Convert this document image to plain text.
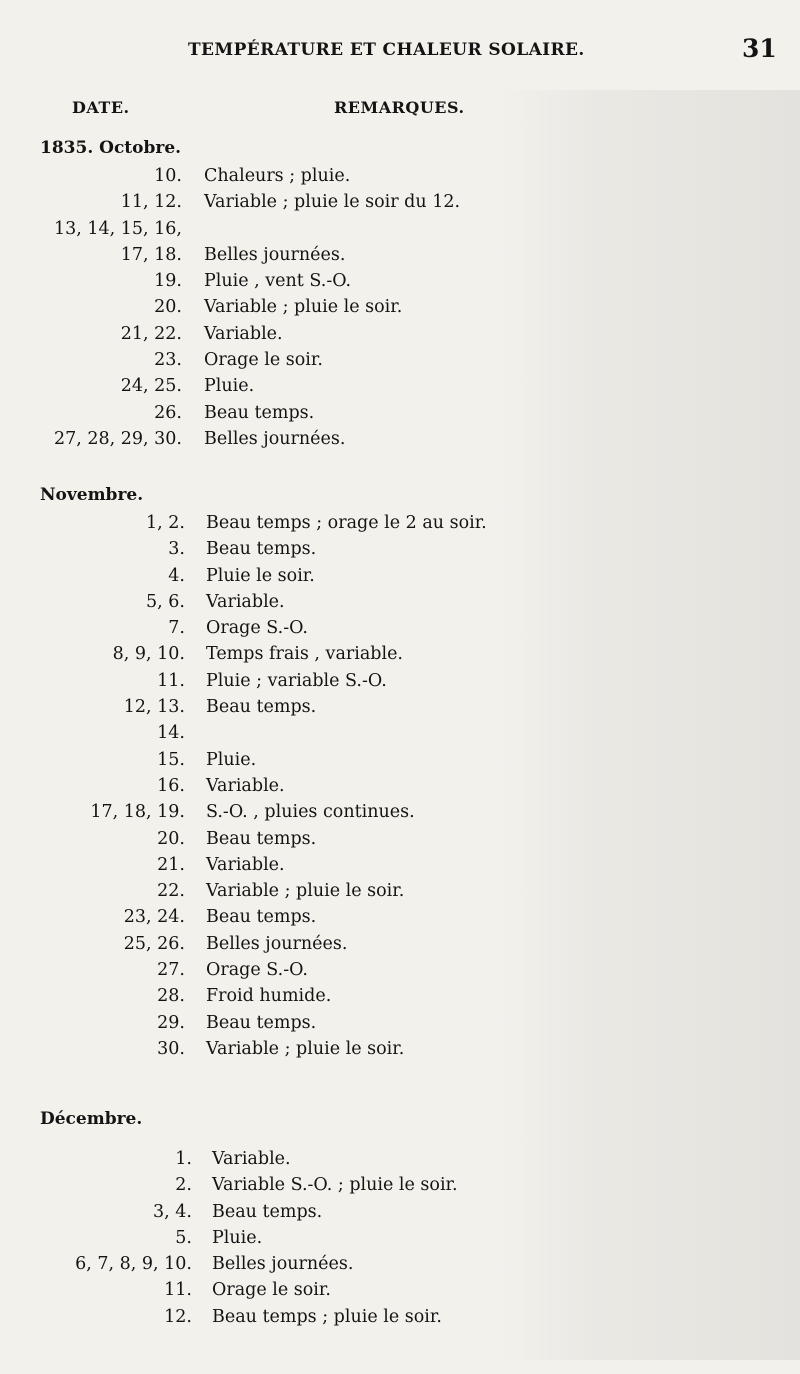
TEMPÉRATURE ET CHALEUR SOLAIRE.	31
DATE.	REMARQUES.
1835. Octobre.
10. Chaleurs ; pluie.
11, 12. Variable ; pluie le soir du 12.
13, 14, 15, 16,
17, 18. Belles journées.
19. Pluie , vent S.-O.
20. Variable ; pluie le soir.
21, 22. Variable.
23. Orage le soir.
24, 25. Pluie.
26. Beau temps.
27, 28, 29, 30. Belles journées.
Novembre.
1, 2. Beau temps ; orage le 2 au soir.
3. Beau temps.
4. Pluie le soir.
5, 6. Variable.
7. Orage S.-O.
8, 9, 10. Temps frais , variable.
11. Pluie ; variable S.-O.
12, 13. Beau temps.
14.
15. Pluie.
16. Variable.
17, 18, 19. S.-O. , pluies continues.
20. Beau temps.
21. Variable.
22. Variable ; pluie le soir.
23, 24. Beau temps.
25, 26. Belles journées.
27. Orage S.-O.
28. Froid humide.
29. Beau temps.
30. Variable ; pluie le soir.
Décembre.
1. Variable.
2. Variable S.-O. ; pluie le soir.
3, 4. Beau temps.
5. Pluie.
6, 7, 8, 9, 10. Belles journées.
11. Orage le soir.
12. Beau temps ; pluie le soir.
